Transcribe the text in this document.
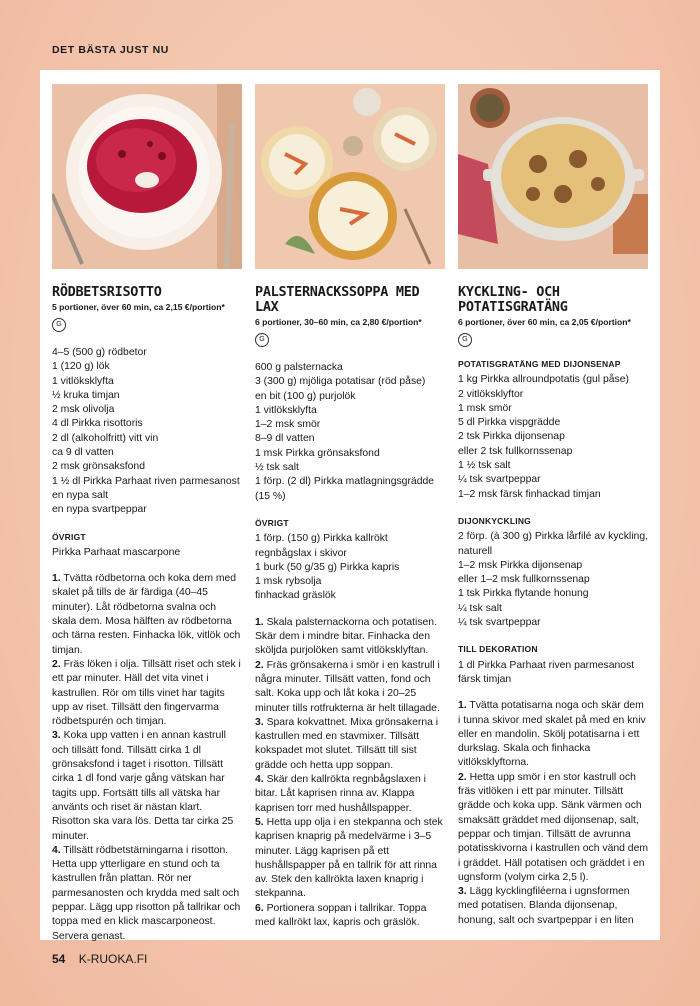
DET BÄSTA JUST NU
RÖDBETSRISOTTO
5 portioner, över 60 min, ca 2,15 €/portion*
G
4–5 (500 g) rödbetor
1 (120 g) lök
1 vitlöksklyfta
½ kruka timjan
2 msk olivolja
4 dl Pirkka risottoris
2 dl (alkoholfritt) vitt vin
ca 9 dl vatten
2 msk grönsaksfond
1 ½ dl Pirkka Parhaat riven parmesanost
en nypa salt
en nypa svartpeppar
ÖVRIGT
Pirkka Parhaat mascarpone
1. Tvätta rödbetorna och koka dem med skalet på tills de är färdiga (40–45 minuter). Låt rödbetorna svalna och skala dem. Mosa hälften av rödbetorna och tärna resten. Finhacka lök, vitlök och timjan.
2. Fräs löken i olja. Tillsätt riset och stek i ett par minuter. Häll det vita vinet i kastrullen. Rör om tills vinet har tagits upp av riset. Tillsätt den fingervarma rödbetspurén och timjan.
3. Koka upp vatten i en annan kastrull och tillsätt fond. Tillsätt cirka 1 dl grönsaksfond i taget i risotton. Tillsätt cirka 1 dl fond varje gång vätskan har tagits upp. Fortsätt tills all vätska har använts och riset är nästan klart. Risotton ska vara lös. Detta tar cirka 25 minuter.
4. Tillsätt rödbetstärningarna i risotton. Hetta upp ytterligare en stund och ta kastrullen från plattan. Rör ner parmesanosten och krydda med salt och peppar. Lägg upp risotton på tallrikar och toppa med en klick mascarponeost. Servera genast.
PALSTERNACKSSOPPA MED LAX
6 portioner, 30–60 min, ca 2,80 €/portion*
G
600 g palsternacka
3 (300 g) mjöliga potatisar (röd påse)
en bit (100 g) purjolök
1 vitlöksklyfta
1–2 msk smör
8–9 dl vatten
1 msk Pirkka grönsaksfond
½ tsk salt
1 förp. (2 dl) Pirkka matlagningsgrädde
(15 %)
ÖVRIGT
1 förp. (150 g) Pirkka kallrökt regnbågslax i skivor
1 burk (50 g/35 g) Pirkka kapris
1 msk rybsolja
finhackad gräslök
1. Skala palsternackorna och potatisen. Skär dem i mindre bitar. Finhacka den sköljda purjolöken samt vitlöksklyftan.
2. Fräs grönsakerna i smör i en kastrull i några minuter. Tillsätt vatten, fond och salt. Koka upp och låt koka i 20–25 minuter tills rotfrukterna är helt tillagade.
3. Spara kokvattnet. Mixa grönsakerna i kastrullen med en stavmixer. Tillsätt kokspadet mot slutet. Tillsätt till sist grädde och hetta upp soppan.
4. Skär den kallrökta regnbågslaxen i bitar. Låt kaprisen rinna av. Klappa kaprisen torr med hushållspapper.
5. Hetta upp olja i en stekpanna och stek kaprisen knaprig på medelvärme i 3–5 minuter. Lägg kaprisen på ett hushållspapper på en tallrik för att rinna av. Stek den kallrökta laxen knaprig i stekpanna.
6. Portionera soppan i tallrikar. Toppa med kallrökt lax, kapris och gräslök.
KYCKLING- OCH POTATISGRATÄNG
6 portioner, över 60 min, ca 2,05 €/portion*
G
POTATISGRATÄNG MED DIJONSENAP
1 kg Pirkka allroundpotatis (gul påse)
2 vitlöksklyftor
1 msk smör
5 dl Pirkka vispgrädde
2 tsk Pirkka dijonsenap
eller 2 tsk fullkornssenap
1 ½ tsk salt
¼ tsk svartpeppar
1–2 msk färsk finhackad timjan
DIJONKYCKLING
2 förp. (à 300 g) Pirkka lårfilé av kyckling, naturell
1–2 msk Pirkka dijonsenap
eller 1–2 msk fullkornssenap
1 tsk Pirkka flytande honung
¼ tsk salt
¼ tsk svartpeppar
TILL DEKORATION
1 dl Pirkka Parhaat riven parmesanost
färsk timjan
1. Tvätta potatisarna noga och skär dem i tunna skivor med skalet på med en kniv eller en mandolin. Skölj potatisarna i ett durkslag. Skala och finhacka vitlöksklyftorna.
2. Hetta upp smör i en stor kastrull och fräs vitlöken i ett par minuter. Tillsätt grädde och koka upp. Sänk värmen och smaksätt gräddet med dijonsenap, salt, peppar och timjan. Tillsätt de avrunna potatisskivorna i kastrullen och vänd dem i gräddet. Häll potatisen och gräddet i en ugnsform (volym cirka 2,5 l).
3. Lägg kycklingfiléerna i ugnsformen med potatisen. Blanda dijonsenap, honung, salt och svartpeppar i en liten
54 K-RUOKA.FI
